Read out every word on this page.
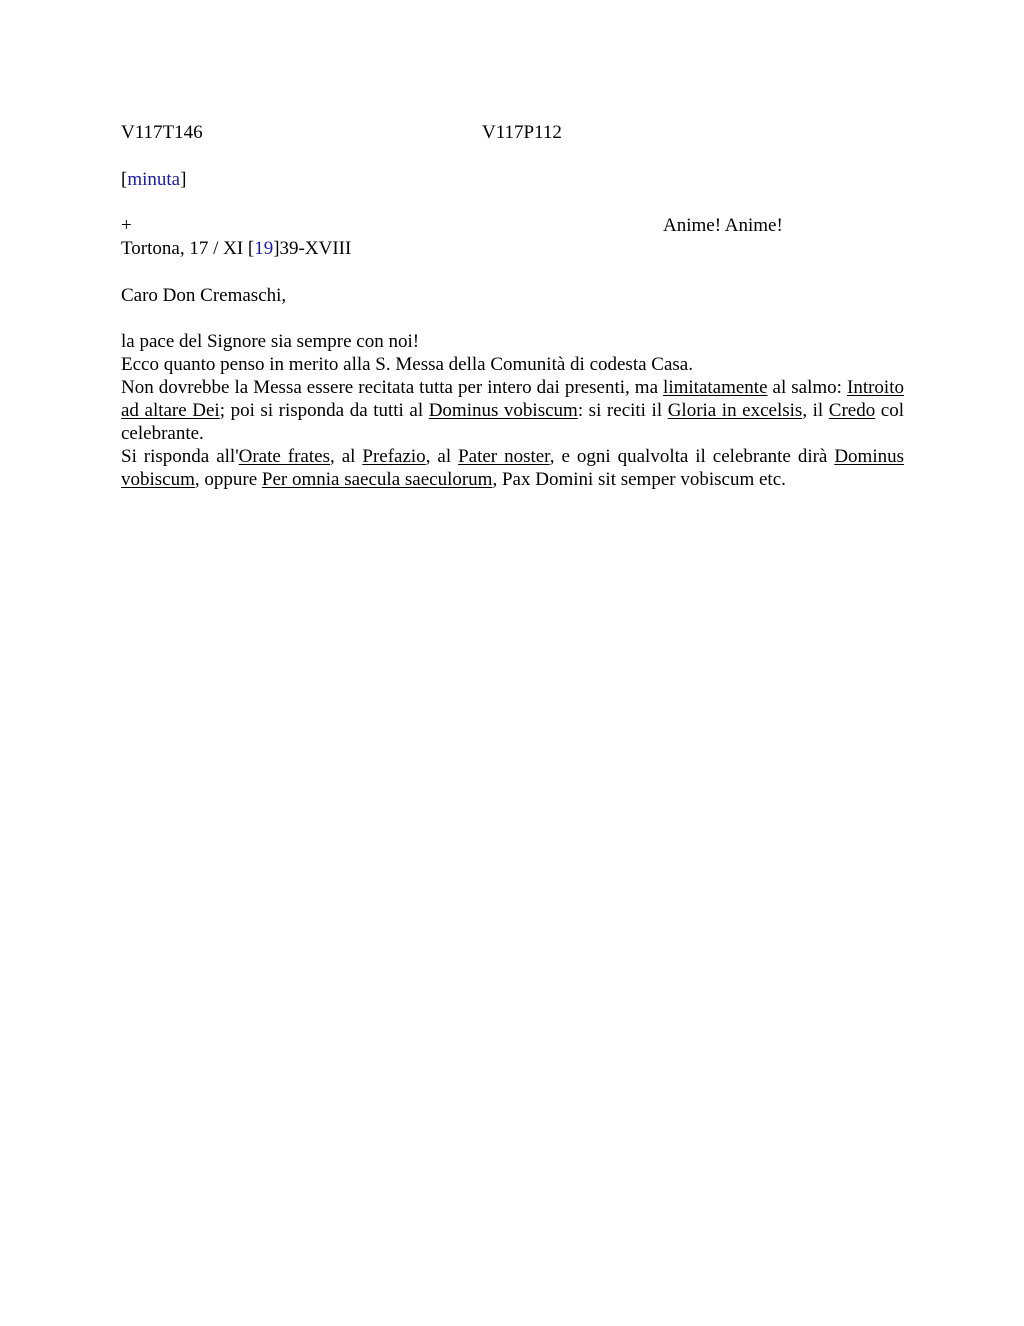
V117T146	V117P112
[minuta]
+	Anime! Anime!
Tortona, 17 / XI [19]39-XVIII
Caro Don Cremaschi,
la pace del Signore sia sempre con noi!
Ecco quanto penso in merito alla S. Messa della Comunità di codesta Casa.
Non dovrebbe la Messa essere recitata tutta per intero dai presenti, ma limitatamente al salmo: Introito ad altare Dei; poi si risponda da tutti al Dominus vobiscum: si reciti il Gloria in excelsis, il Credo col celebrante.
Si risponda all'Orate frates, al Prefazio, al Pater noster, e ogni qualvolta il celebrante dirà Dominus vobiscum, oppure Per omnia saecula saeculorum, Pax Domini sit semper vobiscum etc.
